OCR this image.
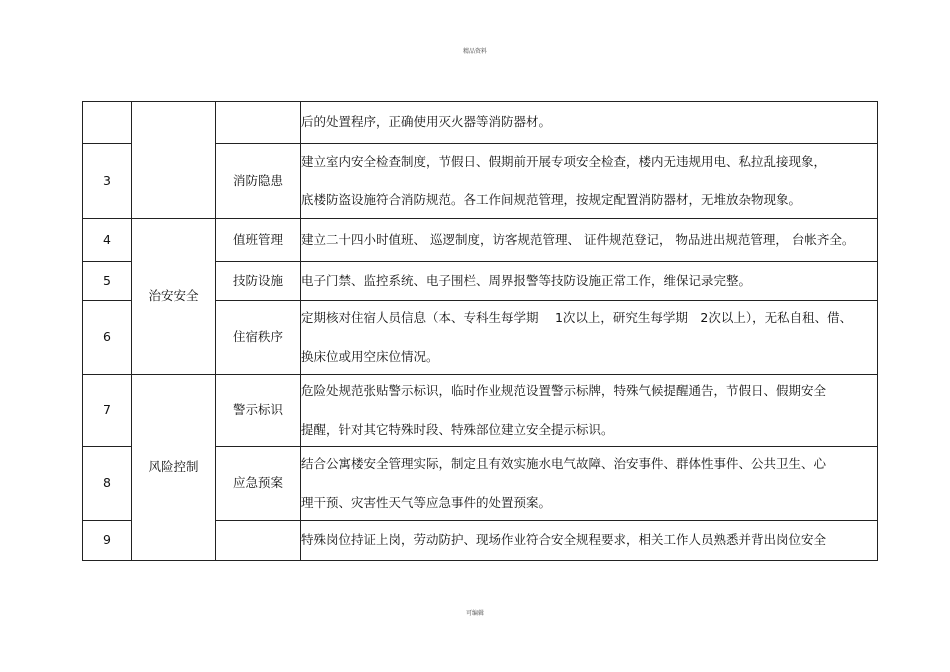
精品资料

			后的处置程序，正确使用灭火器等消防器材。

3		消防隐患	建立室内安全检查制度，节假日、假期前开展专项安全检查，楼内无违规用电、私拉乱接现象，
底楼防盗设施符合消防规范。各工作间规范管理，按规定配置消防器材，无堆放杂物现象。

4	治安安全	值班管理	建立二十四小时值班、 巡逻制度，访客规范管理、 证件规范登记， 物品进出规范管理， 台帐齐全。

5		技防设施	电子门禁、监控系统、电子围栏、周界报警等技防设施正常工作，维保记录完整。

6		住宿秩序	定期核对住宿人员信息（本、专科生每学期　 1次以上，研究生每学期　2次以上），无私自租、借、
换床位或用空床位情况。

7	风险控制	警示标识	危险处规范张贴警示标识，临时作业规范设置警示标牌，特殊气候提醒通告，节假日、假期安全
提醒，针对其它特殊时段、特殊部位建立安全提示标识。

8		应急预案	结合公寓楼安全管理实际，制定且有效实施水电气故障、治安事件、群体性事件、公共卫生、心
理干预、灾害性天气等应急事件的处置预案。

9			特殊岗位持证上岗，劳动防护、现场作业符合安全规程要求，相关工作人员熟悉并背出岗位安全
可编辑
